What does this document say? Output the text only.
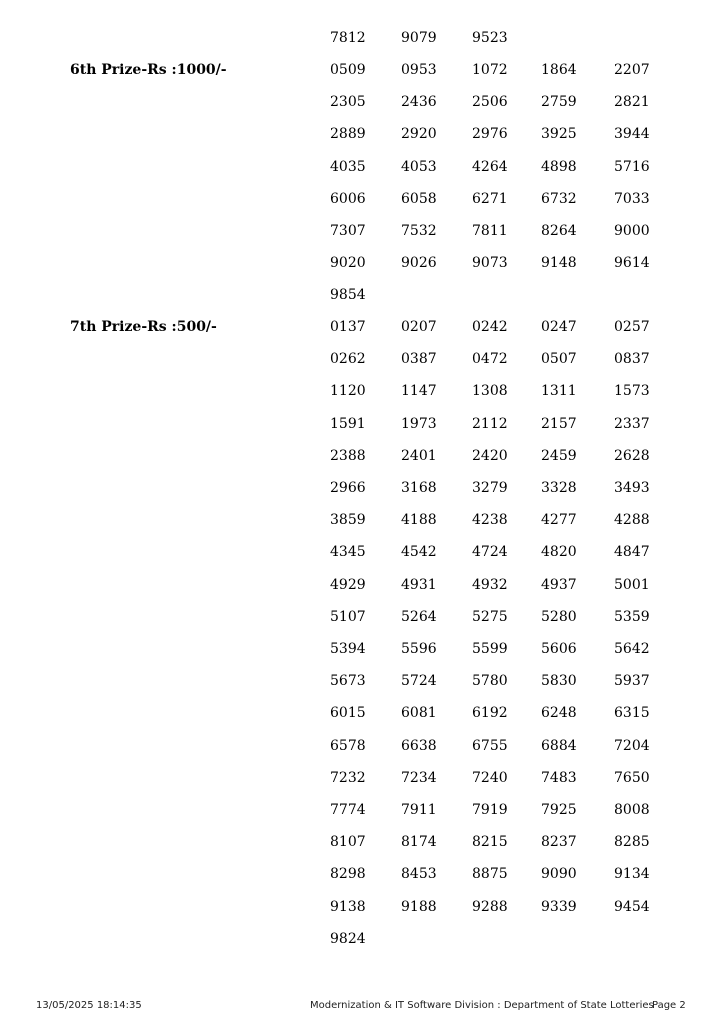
7812	9079	9523
6th Prize-Rs :1000/-	0509	0953	1072 1864	2207
2305	2436	2506 2759	2821
2889	2920	2976 3925	3944
4035	4053	4264 4898	5716
6006	6058	6271 6732	7033
7307	7532	7811 8264	9000
9020	9026	9073 9148	9614
9854
7th Prize-Rs :500/-	0137	0207	0242 0247	0257
0262	0387	0472 0507	0837
1120	1147	1308 1311	1573
1591	1973	2112 2157	2337
2388	2401	2420 2459	2628
2966	3168	3279 3328	3493
3859	4188	4238 4277	4288
4345	4542	4724 4820	4847
4929	4931	4932 4937	5001
5107	5264	5275 5280	5359
5394	5596	5599 5606	5642
5673	5724	5780 5830	5937
6015	6081	6192 6248	6315
6578	6638	6755 6884	7204
7232	7234	7240 7483	7650
7774	7911	7919 7925	8008
8107	8174	8215 8237	8285
8298	8453	8875 9090	9134
9138	9188	9288 9339	9454
9824
13/05/2025 18:14:35	Modernization & IT Software Division : Department of State Lotteries
Page 2
